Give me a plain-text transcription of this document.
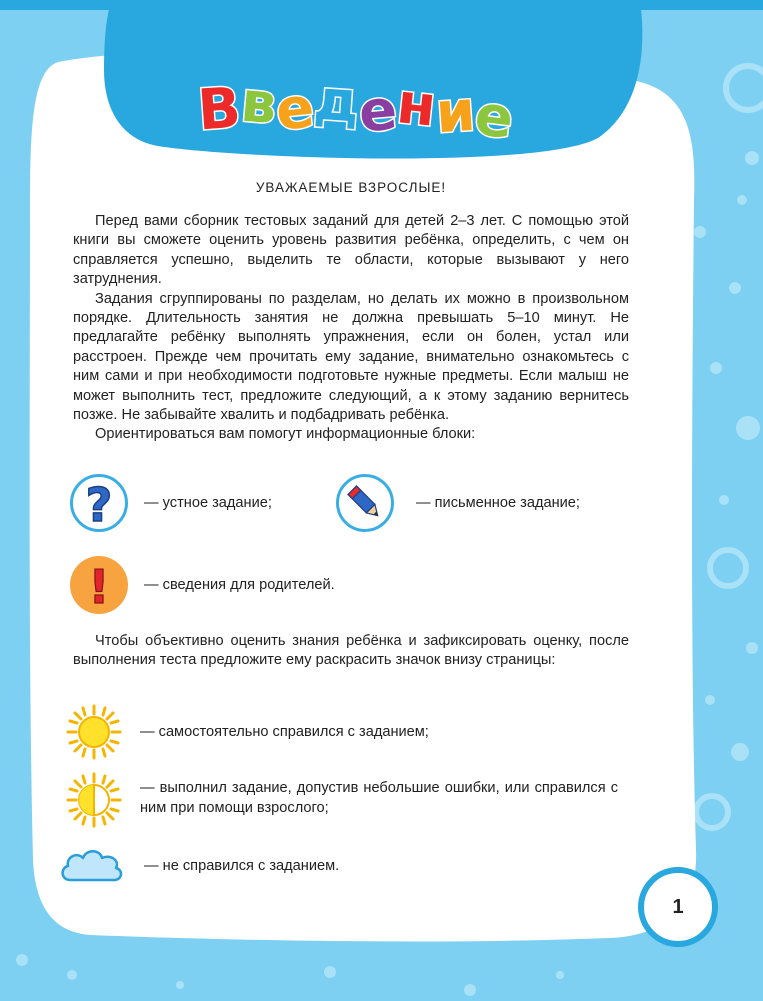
В
в
е
д
е
н
и
е
УВАЖАЕМЫЕ ВЗРОСЛЫЕ!

Перед вами сборник тестовых заданий для детей 2–3 лет. С помощью этой книги вы сможете оценить уровень развития ребёнка, определить, с чем он справляется успешно, выделить те области, которые вызывают у него затруднения.

Задания сгруппированы по разделам, но делать их можно в произвольном порядке. Длительность занятия не должна превышать 5–10 минут. Не предлагайте ребёнку выполнять упражнения, если он болен, устал или расстроен. Прежде чем прочитать ему задание, внимательно ознакомьтесь с ним сами и при необходимости подготовьте нужные предметы. Если малыш не может выполнить тест, предложите следующий, а к этому заданию вернитесь позже. Не забывайте хвалить и подбадривать ребёнка.

Ориентироваться вам помогут информационные блоки:

? — устное задание;	— письменное задание;
! — сведения для родителей.

Чтобы объективно оценить знания ребёнка и зафиксировать оценку, после выполнения теста предложите ему раскрасить значок внизу страницы:

— самостоятельно справился с заданием;
— выполнил задание, допустив небольшие ошибки, или справился с ним при помощи взрослого;
— не справился с заданием.
1
